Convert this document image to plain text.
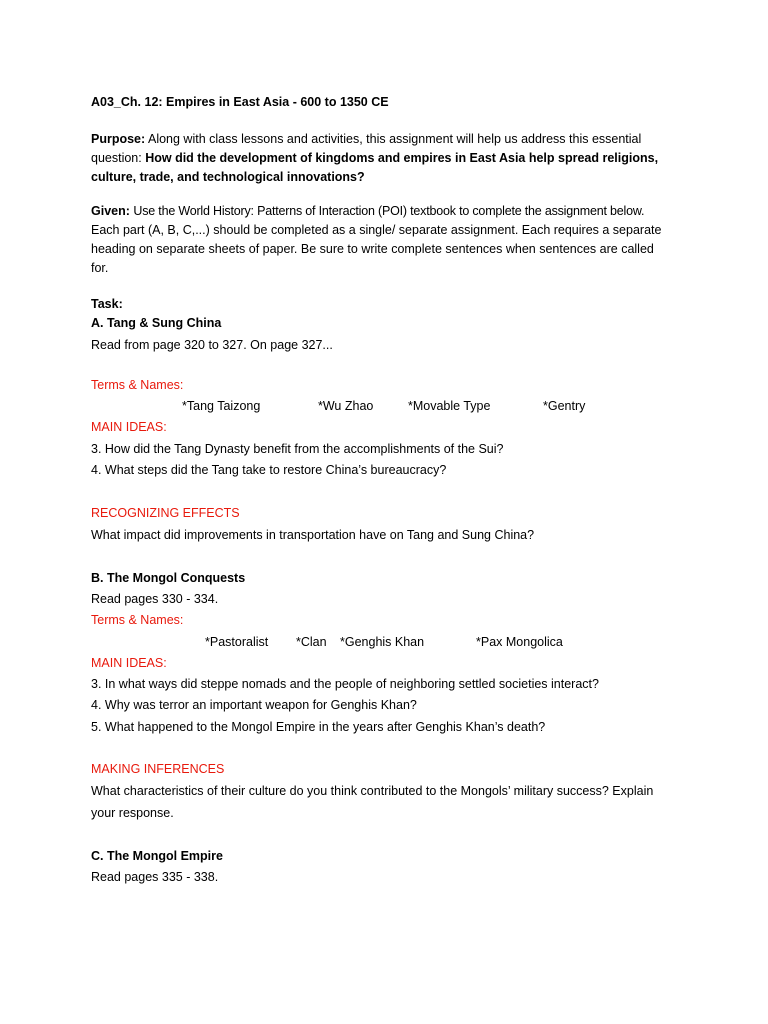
A03_Ch. 12: Empires in East Asia - 600 to 1350 CE
Purpose: Along with class lessons and activities, this assignment will help us address this essential
question: How did the development of kingdoms and empires in East Asia help spread religions,
culture, trade, and technological innovations?
Given: Use the World History: Patterns of Interaction (POI) textbook to complete the assignment below.
Each part (A, B, C,...) should be completed as a single/ separate assignment. Each requires a separate
heading on separate sheets of paper. Be sure to write complete sentences when sentences are called
for.
Task:
A. Tang & Sung China
Read from page 320 to 327. On page 327...
Terms & Names:
*Tang Taizong	*Wu Zhao	*Movable Type	*Gentry
MAIN IDEAS:
3. How did the Tang Dynasty benefit from the accomplishments of the Sui?
4. What steps did the Tang take to restore China’s bureaucracy?
RECOGNIZING EFFECTS
What impact did improvements in transportation have on Tang and Sung China?
B. The Mongol Conquests
Read pages 330 - 334.
Terms & Names:
*Pastoralist *Clan *Genghis Khan	*Pax Mongolica
MAIN IDEAS:
3. In what ways did steppe nomads and the people of neighboring settled societies interact?
4. Why was terror an important weapon for Genghis Khan?
5. What happened to the Mongol Empire in the years after Genghis Khan’s death?
MAKING INFERENCES
What characteristics of their culture do you think contributed to the Mongols’ military success? Explain
your response.
C. The Mongol Empire
Read pages 335 - 338.
